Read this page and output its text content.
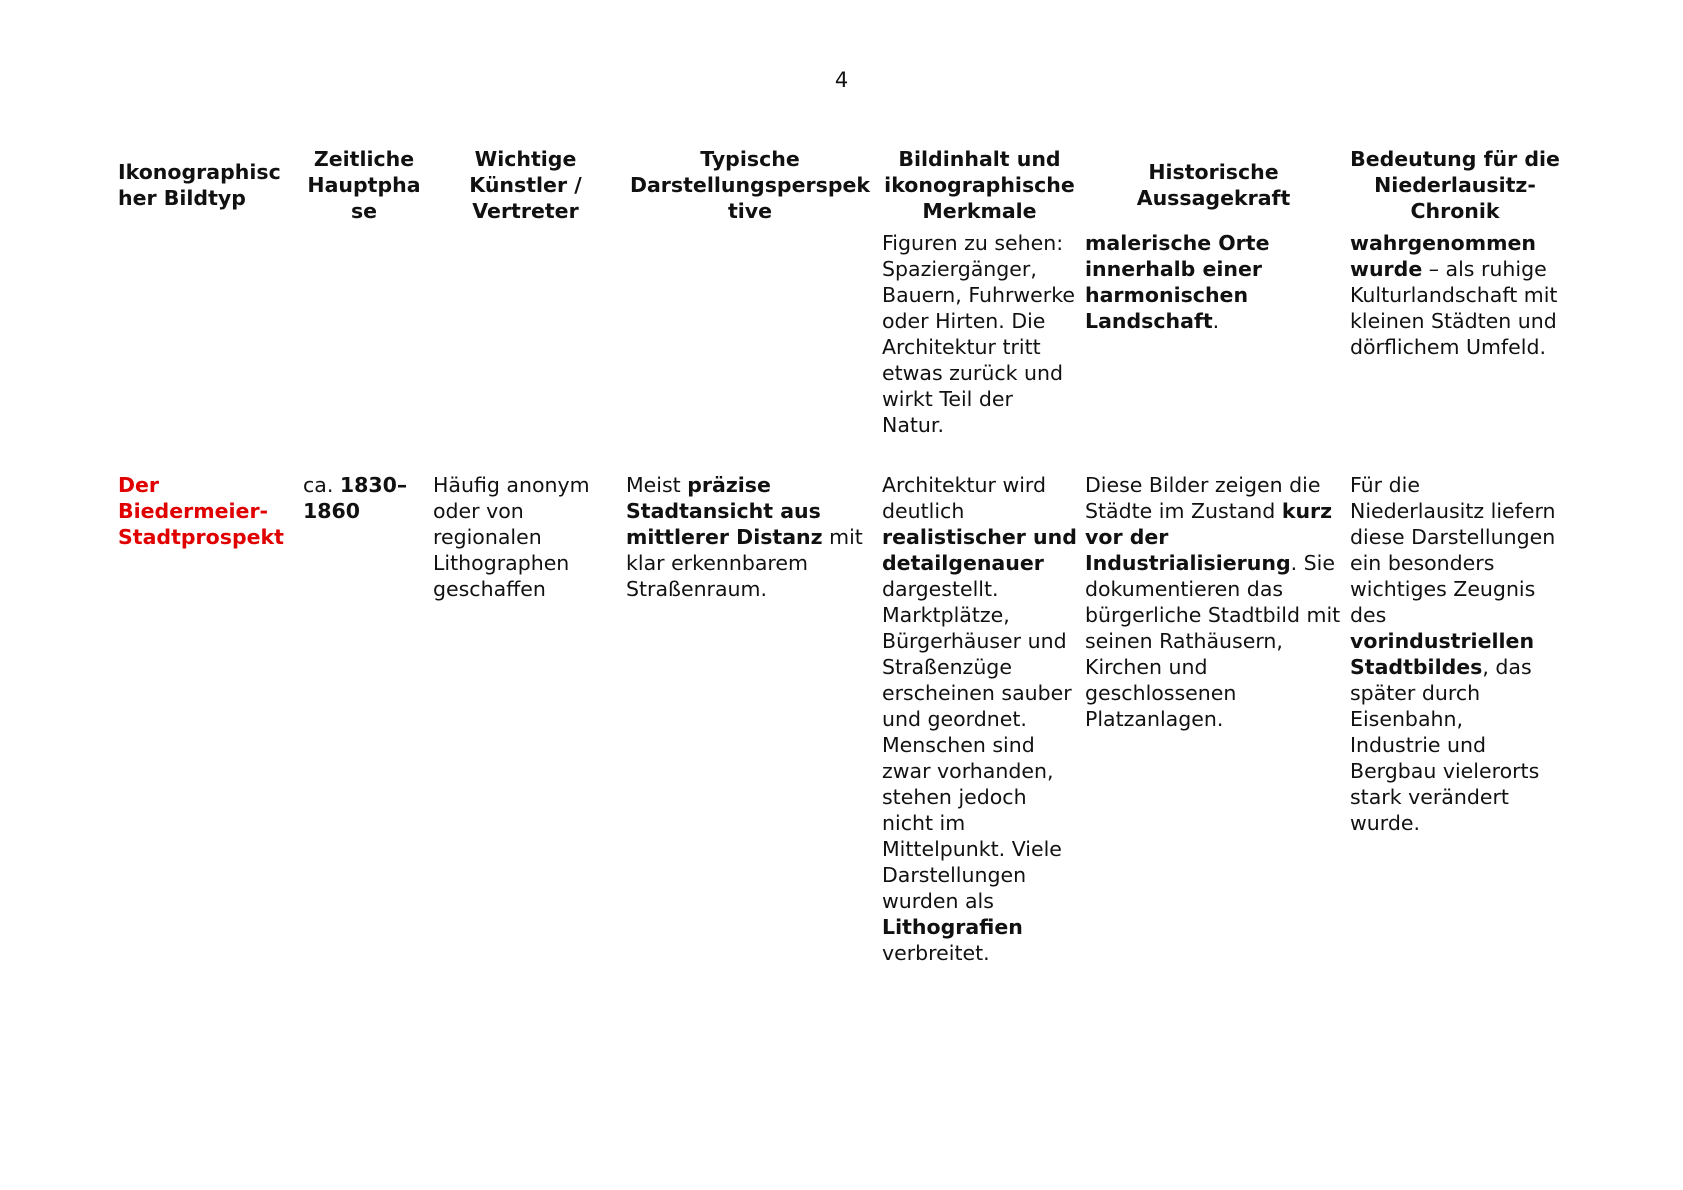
4
Ikonographischer Bildtyp	Zeitliche Hauptphase	Wichtige Künstler / Vertreter	Typische Darstellungsperspektive	Bildinhalt und ikonographische Merkmale	Historische Aussagekraft	Bedeutung für die Niederlausitz-Chronik
				Figuren zu sehen: Spaziergänger, Bauern, Fuhrwerke oder Hirten. Die Architektur tritt etwas zurück und wirkt Teil der Natur.	malerische Orte innerhalb einer harmonischen Landschaft.	wahrgenommen wurde – als ruhige Kulturlandschaft mit kleinen Städten und dörflichem Umfeld.

Der Biedermeier-Stadtprospekt	ca. 1830–1860	Häufig anonym oder von regionalen Lithographen geschaffen	Meist präzise Stadtansicht aus mittlerer Distanz mit klar erkennbarem Straßenraum.	Architektur wird deutlich realistischer und detailgenauer dargestellt. Marktplätze, Bürgerhäuser und Straßenzüge erscheinen sauber und geordnet. Menschen sind zwar vorhanden, stehen jedoch nicht im Mittelpunkt. Viele Darstellungen wurden als Lithografien verbreitet.	Diese Bilder zeigen die Städte im Zustand kurz vor der Industrialisierung. Sie dokumentieren das bürgerliche Stadtbild mit seinen Rathäusern, Kirchen und geschlossenen Platzanlagen.	Für die Niederlausitz liefern diese Darstellungen ein besonders wichtiges Zeugnis des vorindustriellen Stadtbildes, das später durch Eisenbahn, Industrie und Bergbau vielerorts stark verändert wurde.
